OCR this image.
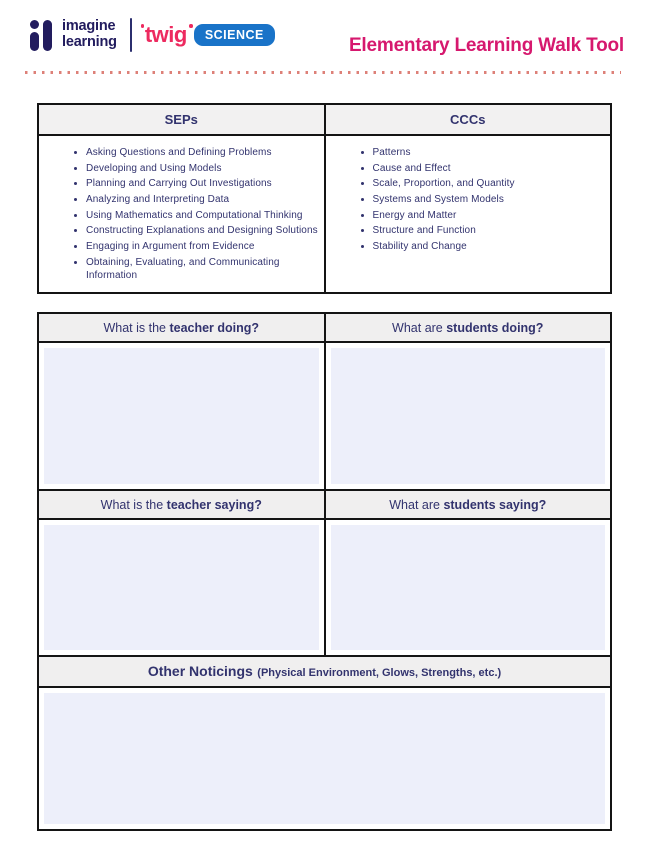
imagine
learning twig	SCIENCE	Elementary Learning Walk Tool
SEPs	CCCs

• Asking Questions and Defining Problems
• Developing and Using Models
• Planning and Carrying Out Investigations
• Analyzing and Interpreting Data
• Using Mathematics and Computational Thinking
• Constructing Explanations and Designing Solutions
• Engaging in Argument from Evidence
• Obtaining, Evaluating, and Communicating Information

• Patterns
• Cause and Effect
• Scale, Proportion, and Quantity
• Systems and System Models
• Energy and Matter
• Structure and Function
• Stability and Change
What is the teacher doing?	What are students doing?

What is the teacher saying?	What are students saying?

Other Noticings (Physical Environment, Glows, Strengths, etc.)	
